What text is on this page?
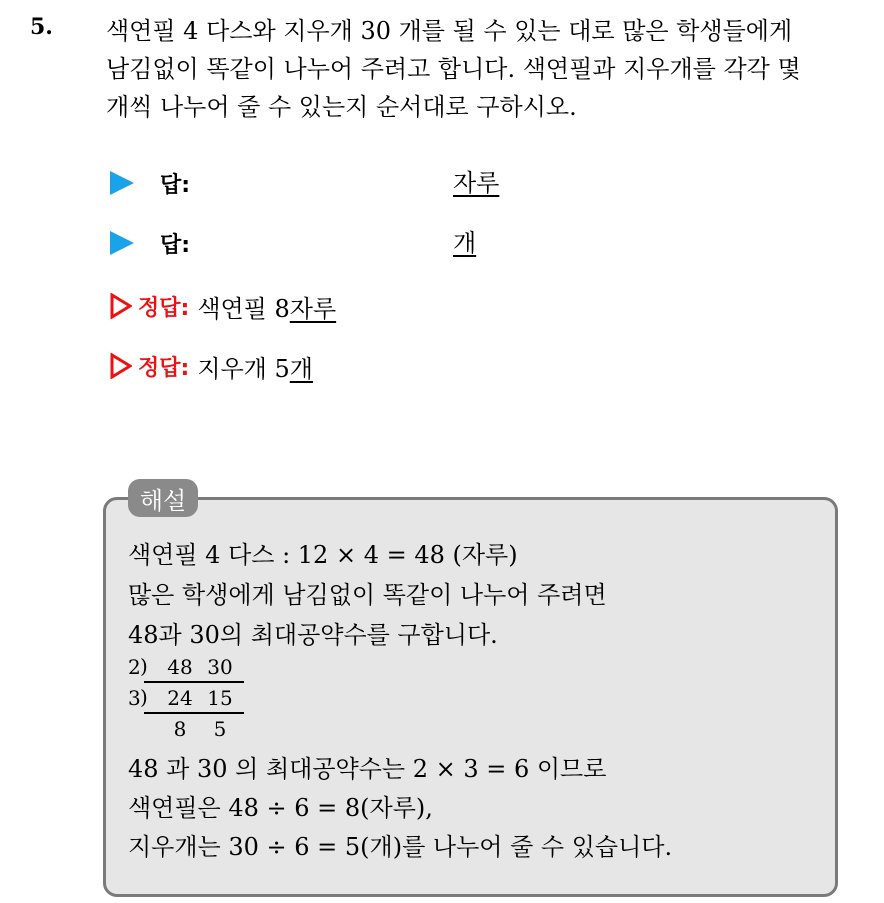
5. 색연필 4 다스와 지우개 30 개를 될 수 있는 대로 많은 학생들에게
남김없이 똑같이 나누어 주려고 합니다. 색연필과 지우개를 각각 몇
개씩 나누어 줄 수 있는지 순서대로 구하시오.
답:	자루
답:	개
정답: 색연필 8자루
정답: 지우개 5개
해설
색연필 4 다스 : 12 × 4 = 48 (자루)
많은 학생에게 남김없이 똑같이 나누어 주려면
48과 30의 최대공약수를 구합니다.
2 ) 48 30
3 ) 24 15
8	5
48 과 30 의 최대공약수는 2 × 3 = 6 이므로
색연필은 48 ÷ 6 = 8(자루),
지우개는 30 ÷ 6 = 5(개)를 나누어 줄 수 있습니다.
